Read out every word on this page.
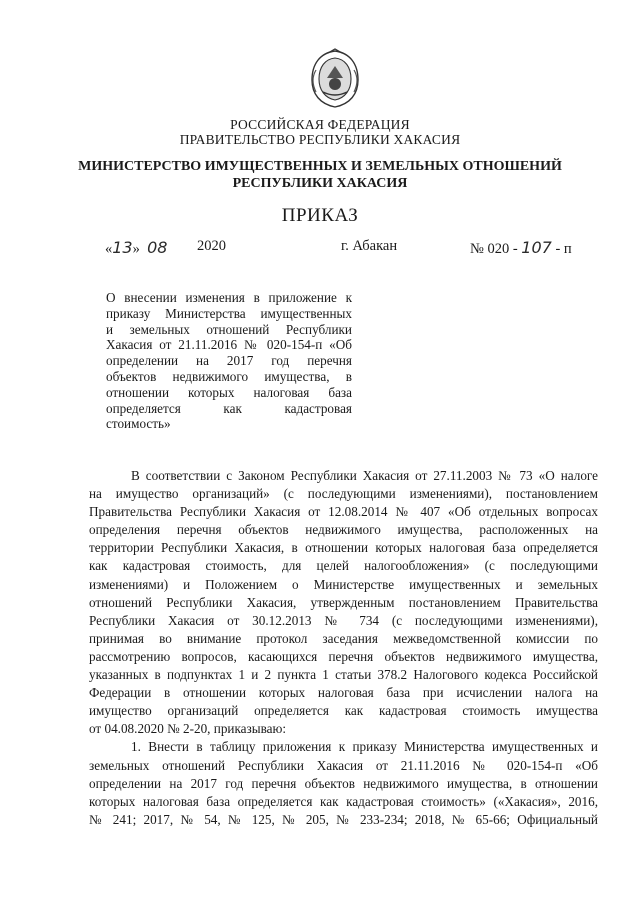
РОССИЙСКАЯ ФЕДЕРАЦИЯ
ПРАВИТЕЛЬСТВО РЕСПУБЛИКИ ХАКАСИЯ
МИНИСТЕРСТВО ИМУЩЕСТВЕННЫХ И ЗЕМЕЛЬНЫХ ОТНОШЕНИЙ
РЕСПУБЛИКИ ХАКАСИЯ
ПРИКАЗ
«13» 08 2020	г. Абакан	№ 020 - 107 - п
О внесении изменения в приложение к
приказу Министерства имущественных
и земельных отношений Республики
Хакасия от 21.11.2016 № 020-154-п «Об
определении на 2017 год перечня
объектов недвижимого имущества, в
отношении которых налоговая база
определяется как кадастровая
стоимость»
В соответствии с Законом Республики Хакасия от 27.11.2003 № 73 «О налоге
на имущество организаций» (с последующими изменениями), постановлением
Правительства Республики Хакасия от 12.08.2014 № 407 «Об отдельных вопросах
определения перечня объектов недвижимого имущества, расположенных на
территории Республики Хакасия, в отношении которых налоговая база определяется
как кадастровая стоимость, для целей налогообложения» (с последующими
изменениями) и Положением о Министерстве имущественных и земельных
отношений Республики Хакасия, утвержденным постановлением Правительства
Республики Хакасия от 30.12.2013 № 734 (с последующими изменениями),
принимая во внимание протокол заседания межведомственной комиссии по
рассмотрению вопросов, касающихся перечня объектов недвижимого имущества,
указанных в подпунктах 1 и 2 пункта 1 статьи 378.2 Налогового кодекса Российской
Федерации в отношении которых налоговая база при исчислении налога на
имущество организаций определяется как кадастровая стоимость имущества
от 04.08.2020 № 2-20, приказываю:
1. Внести в таблицу приложения к приказу Министерства имущественных и
земельных отношений Республики Хакасия от 21.11.2016 № 020-154-п «Об
определении на 2017 год перечня объектов недвижимого имущества, в отношении
которых налоговая база определяется как кадастровая стоимость» («Хакасия», 2016,
№ 241; 2017, № 54, № 125, № 205, № 233-234; 2018, № 65-66; Официальный
